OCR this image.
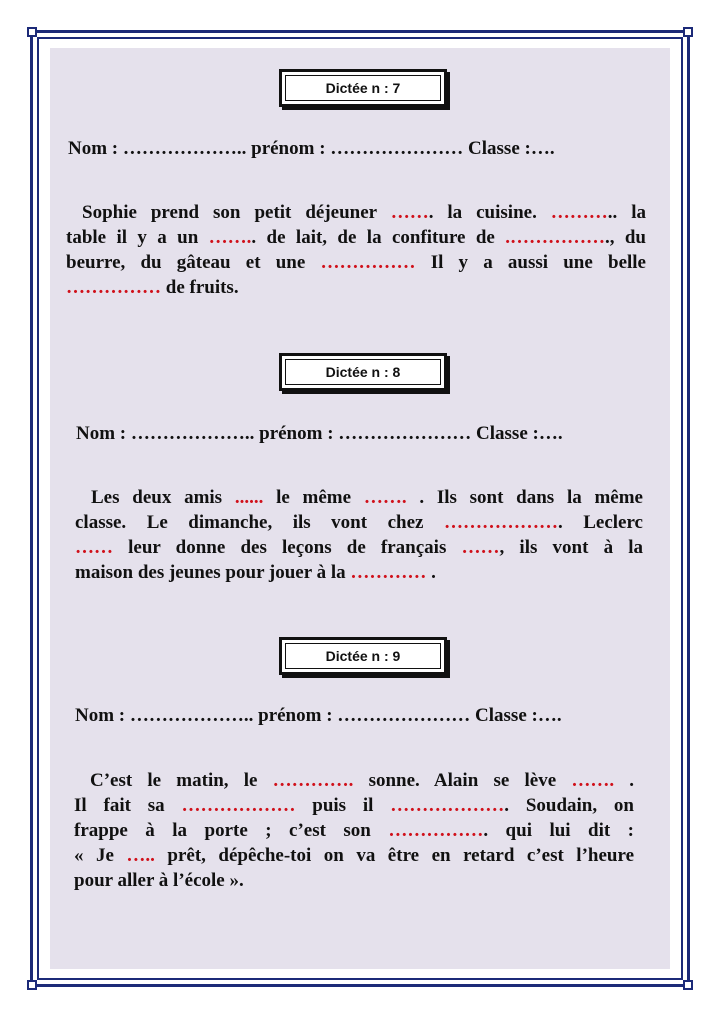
Dictée n : 7
Nom : ……………….. prénom : ………………… Classe :….
Sophie prend son petit déjeuner ……. la cuisine. ……….. la
table il y a un …….. de lait, de la confiture de .……………., du
beurre, du gâteau et une …………… Il y a aussi une belle
…………… de fruits.
Dictée n : 8
Nom : ……………….. prénom : ………………… Classe :….
Les deux amis ...... le même ……. . Ils sont dans la même
classe. Le dimanche, ils vont chez ………………. Leclerc
…… leur donne des leçons de français ……, ils vont à la
maison des jeunes pour jouer à la ………… .
Dictée n : 9
Nom : ……………….. prénom : ………………… Classe :….
C’est le matin, le …………. sonne. Alain se lève ……. .
Il fait sa ……………… puis il ………………. Soudain, on
frappe à la porte ; c’est son ……………. qui lui dit :
« Je ….. prêt, dépêche-toi on va être en retard c’est l’heure
pour aller à l’école ».
